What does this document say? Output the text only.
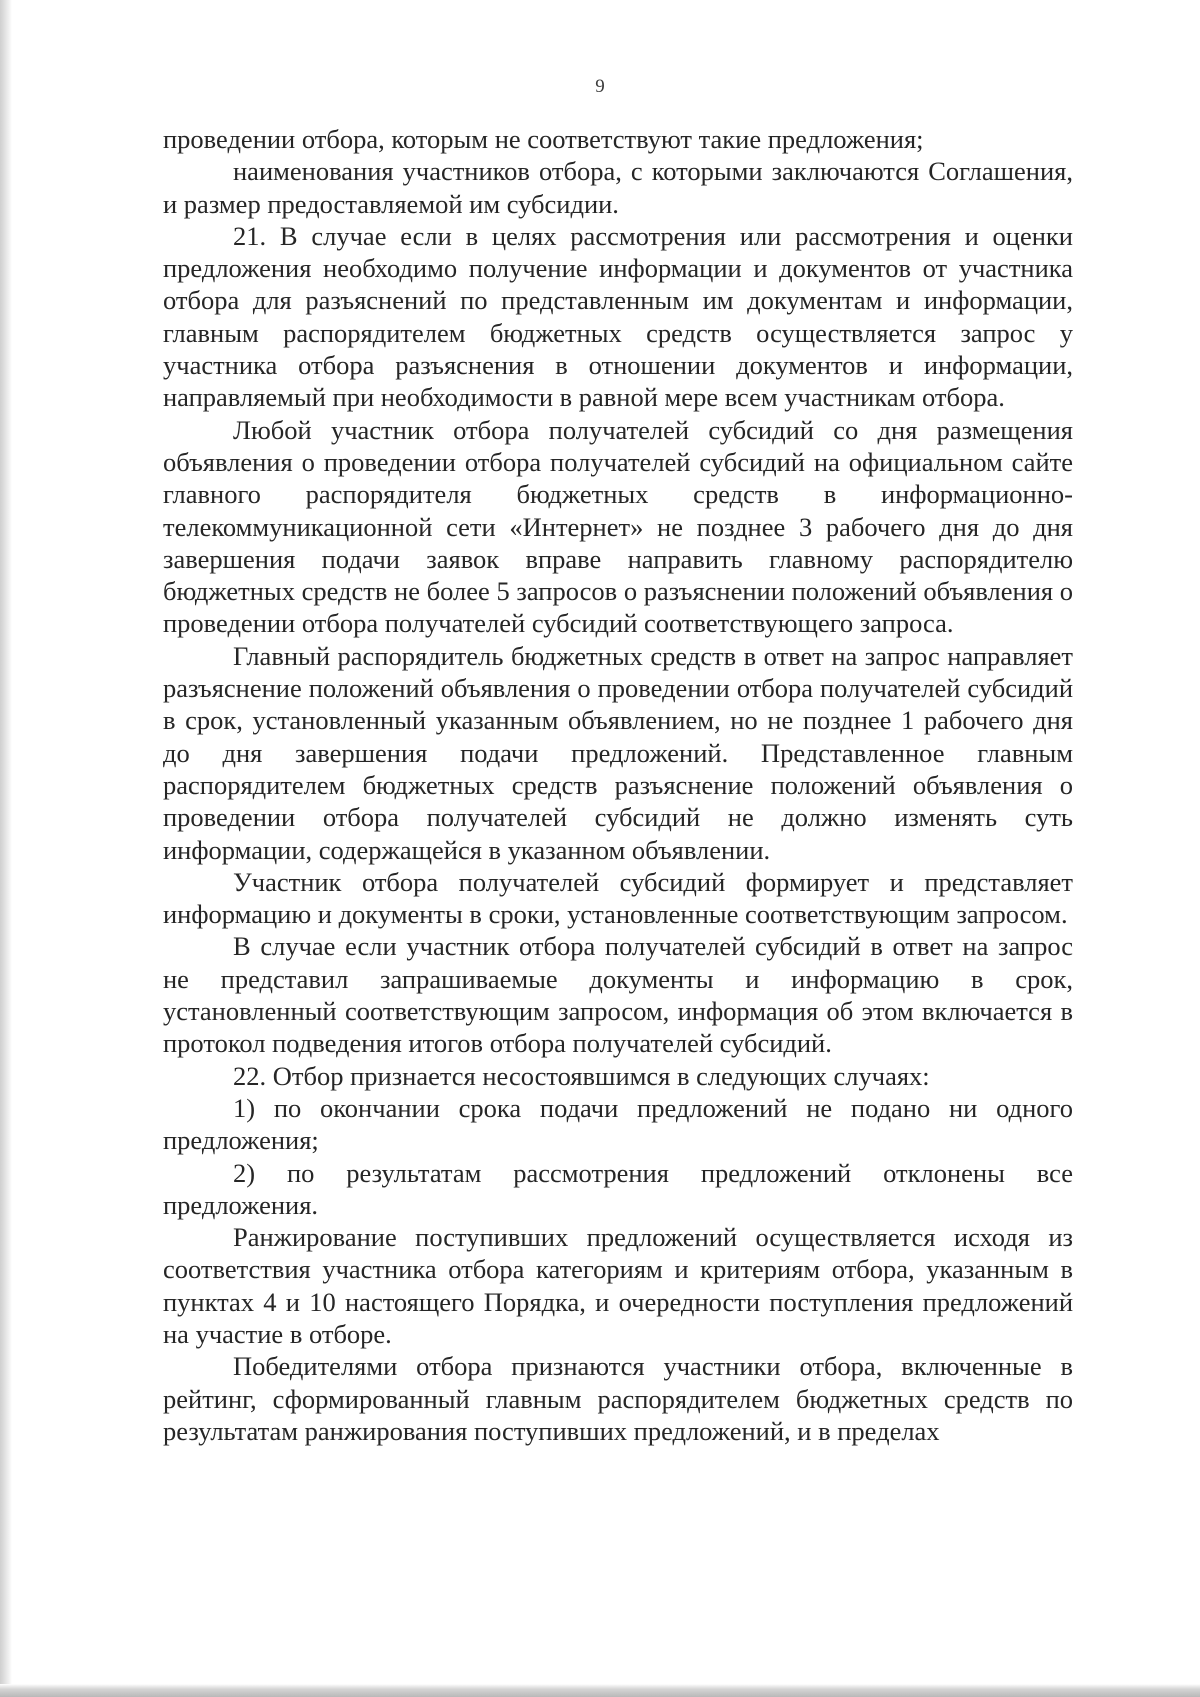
9

проведении отбора, которым не соответствуют такие предложения;

наименования участников отбора, с которыми заключаются Соглашения, и размер предоставляемой им субсидии.

21. В случае если в целях рассмотрения или рассмотрения и оценки предложения необходимо получение информации и документов от участника отбора для разъяснений по представленным им документам и информации, главным распорядителем бюджетных средств осуществляется запрос у участника отбора разъяснения в отношении документов и информации, направляемый при необходимости в равной мере всем участникам отбора.

Любой участник отбора получателей субсидий со дня размещения объявления о проведении отбора получателей субсидий на официальном сайте главного распорядителя бюджетных средств в информационно-телекоммуникационной сети «Интернет» не позднее 3 рабочего дня до дня завершения подачи заявок вправе направить главному распорядителю бюджетных средств не более 5 запросов о разъяснении положений объявления о проведении отбора получателей субсидий соответствующего запроса.

Главный распорядитель бюджетных средств в ответ на запрос направляет разъяснение положений объявления о проведении отбора получателей субсидий в срок, установленный указанным объявлением, но не позднее 1 рабочего дня до дня завершения подачи предложений. Представленное главным распорядителем бюджетных средств разъяснение положений объявления о проведении отбора получателей субсидий не должно изменять суть информации, содержащейся в указанном объявлении.

Участник отбора получателей субсидий формирует и представляет информацию и документы в сроки, установленные соответствующим запросом.

В случае если участник отбора получателей субсидий в ответ на запрос не представил запрашиваемые документы и информацию в срок, установленный соответствующим запросом, информация об этом включается в протокол подведения итогов отбора получателей субсидий.

22. Отбор признается несостоявшимся в следующих случаях:

1) по окончании срока подачи предложений не подано ни одного предложения;

2) по результатам рассмотрения предложений отклонены все предложения.

Ранжирование поступивших предложений осуществляется исходя из соответствия участника отбора категориям и критериям отбора, указанным в пунктах 4 и 10 настоящего Порядка, и очередности поступления предложений на участие в отборе.

Победителями отбора признаются участники отбора, включенные в рейтинг, сформированный главным распорядителем бюджетных средств по результатам ранжирования поступивших предложений, и в пределах
